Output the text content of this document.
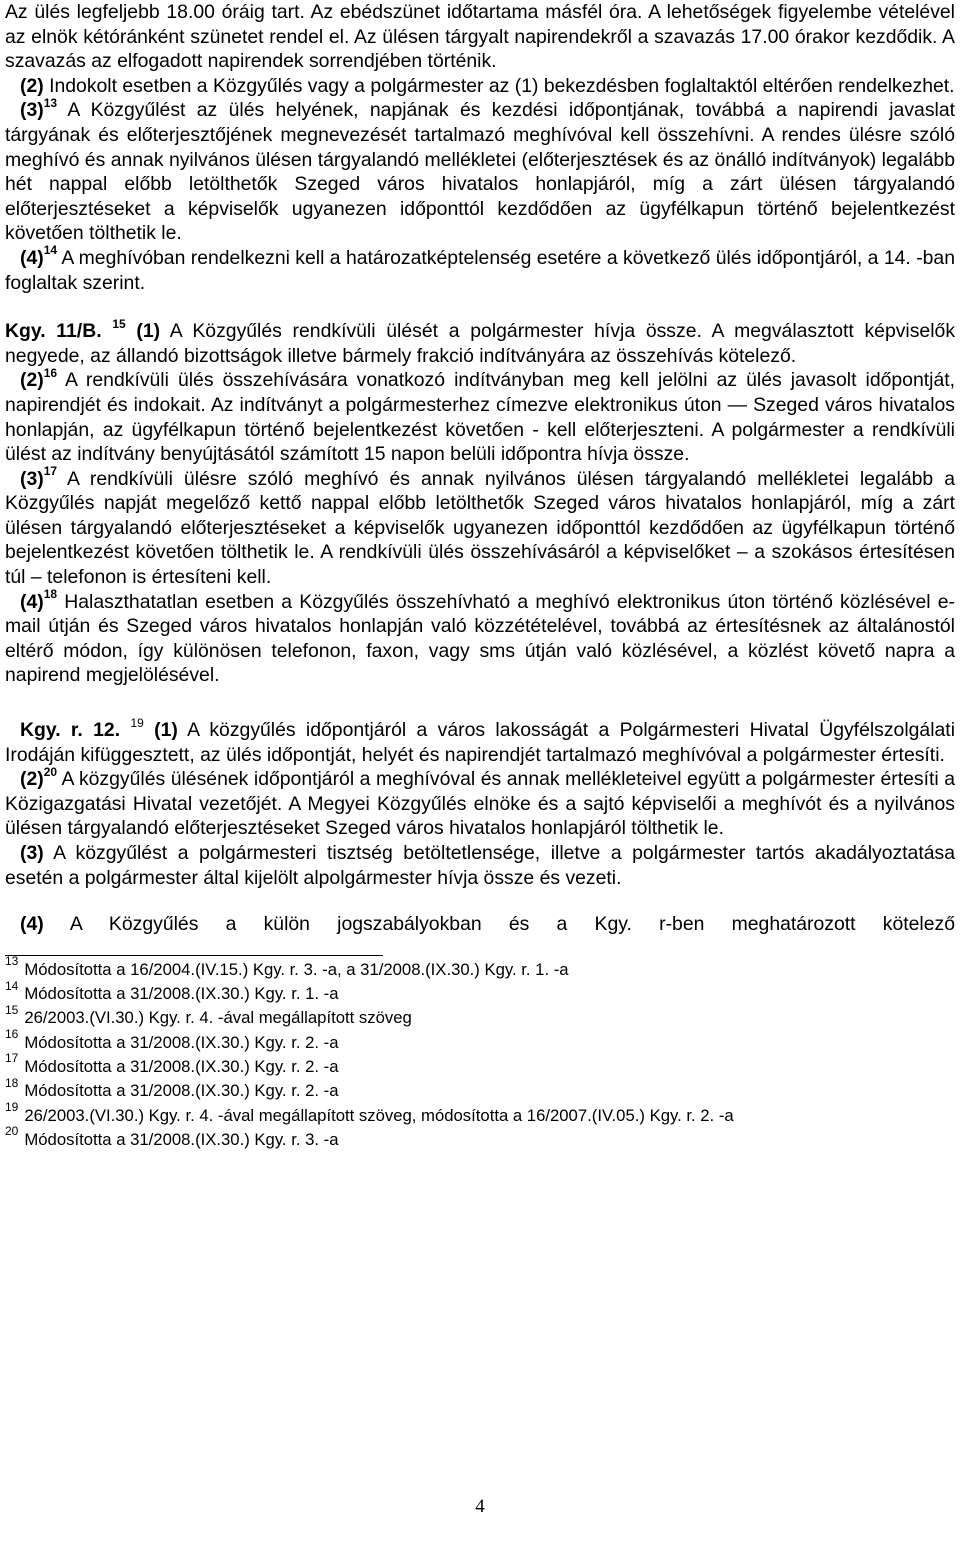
Az ülés legfeljebb 18.00 óráig tart. Az ebédszünet időtartama másfél óra. A lehetőségek figyelembe vételével az elnök kétóránként szünetet rendel el. Az ülésen tárgyalt napirendekről a szavazás 17.00 órakor kezdődik. A szavazás az elfogadott napirendek sorrendjében történik.

(2) Indokolt esetben a Közgyűlés vagy a polgármester az (1) bekezdésben foglaltaktól eltérően rendelkezhet.

$(3)^{13}$ A Közgyűlést az ülés helyének, napjának és kezdési időpontjának, továbbá a napirendi javaslat tárgyának és előterjesztőjének megnevezését tartalmazó meghívóval kell összehívni. A rendes ülésre szóló meghívó és annak nyilvános ülésen tárgyalandó mellékletei (előterjesztések és az önálló indítványok) legalább hét nappal előbb letölthetők Szeged város hivatalos honlapjáról, míg a zárt ülésen tárgyalandó előterjesztéseket a képviselők ugyanezen időponttól kezdődően az ügyfélkapun történő bejelentkezést követően tölthetik le.

$(4)^{14}$ A meghívóban rendelkezni kell a határozatképtelenség esetére a következő ülés időpontjáról, a 14. -ban foglaltak szerint.

Kgy. 11/B. $^{15}$ (1) A Közgyűlés rendkívüli ülését a polgármester hívja össze. A megválasztott képviselők negyede, az állandó bizottságok illetve bármely frakció indítványára az összehívás kötelező.

$(2)^{16}$ A rendkívüli ülés összehívására vonatkozó indítványban meg kell jelölni az ülés javasolt időpontját, napirendjét és indokait. Az indítványt a polgármesterhez címezve elektronikus úton — Szeged város hivatalos honlapján, az ügyfélkapun történő bejelentkezést követően - kell előterjeszteni. A polgármester a rendkívüli ülést az indítvány benyújtásától számított 15 napon belüli időpontra hívja össze.

$(3)^{17}$ A rendkívüli ülésre szóló meghívó és annak nyilvános ülésen tárgyalandó mellékletei legalább a Közgyűlés napját megelőző kettő nappal előbb letölthetők Szeged város hivatalos honlapjáról, míg a zárt ülésen tárgyalandó előterjesztéseket a képviselők ugyanezen időponttól kezdődően az ügyfélkapun történő bejelentkezést követően tölthetik le. A rendkívüli ülés összehívásáról a képviselőket – a szokásos értesítésen túl – telefonon is értesíteni kell.

$(4)^{18}$ Halaszthatatlan esetben a Közgyűlés összehívható a meghívó elektronikus úton történő közlésével e-mail útján és Szeged város hivatalos honlapján való közzétételével, továbbá az értesítésnek az általánostól eltérő módon, így különösen telefonon, faxon, vagy sms útján való közlésével, a közlést követő napra a napirend megjelölésével.

Kgy. r. 12. $^{19}$ (1) A közgyűlés időpontjáról a város lakosságát a Polgármesteri Hivatal Ügyfélszolgálati Irodáján kifüggesztett, az ülés időpontját, helyét és napirendjét tartalmazó meghívóval a polgármester értesíti.

$(2)^{20}$ A közgyűlés ülésének időpontjáról a meghívóval és annak mellékleteivel együtt a polgármester értesíti a Közigazgatási Hivatal vezetőjét. A Megyei Közgyűlés elnöke és a sajtó képviselői a meghívót és a nyilvános ülésen tárgyalandó előterjesztéseket Szeged város hivatalos honlapjáról tölthetik le.

(3) A közgyűlést a polgármesteri tisztség betöltetlensége, illetve a polgármester tartós akadályoztatása esetén a polgármester által kijelölt alpolgármester hívja össze és vezeti.

(4) A Közgyűlés a külön jogszabályokban és a Kgy. r-ben meghatározott kötelező

$^{13}$ Módosította a 16/2004.(IV.15.) Kgy. r. 3. -a, a 31/2008.(IX.30.) Kgy. r. 1. -a
$^{14}$ Módosította a 31/2008.(IX.30.) Kgy. r. 1. -a
$^{15}$ 26/2003.(VI.30.) Kgy. r. 4. -ával megállapított szöveg
$^{16}$ Módosította a 31/2008.(IX.30.) Kgy. r. 2. -a
$^{17}$ Módosította a 31/2008.(IX.30.) Kgy. r. 2. -a
$^{18}$ Módosította a 31/2008.(IX.30.) Kgy. r. 2. -a
$^{19}$ 26/2003.(VI.30.) Kgy. r. 4. -ával megállapított szöveg, módosította a 16/2007.(IV.05.) Kgy. r. 2. -a
$^{20}$ Módosította a 31/2008.(IX.30.) Kgy. r. 3. -a
4
